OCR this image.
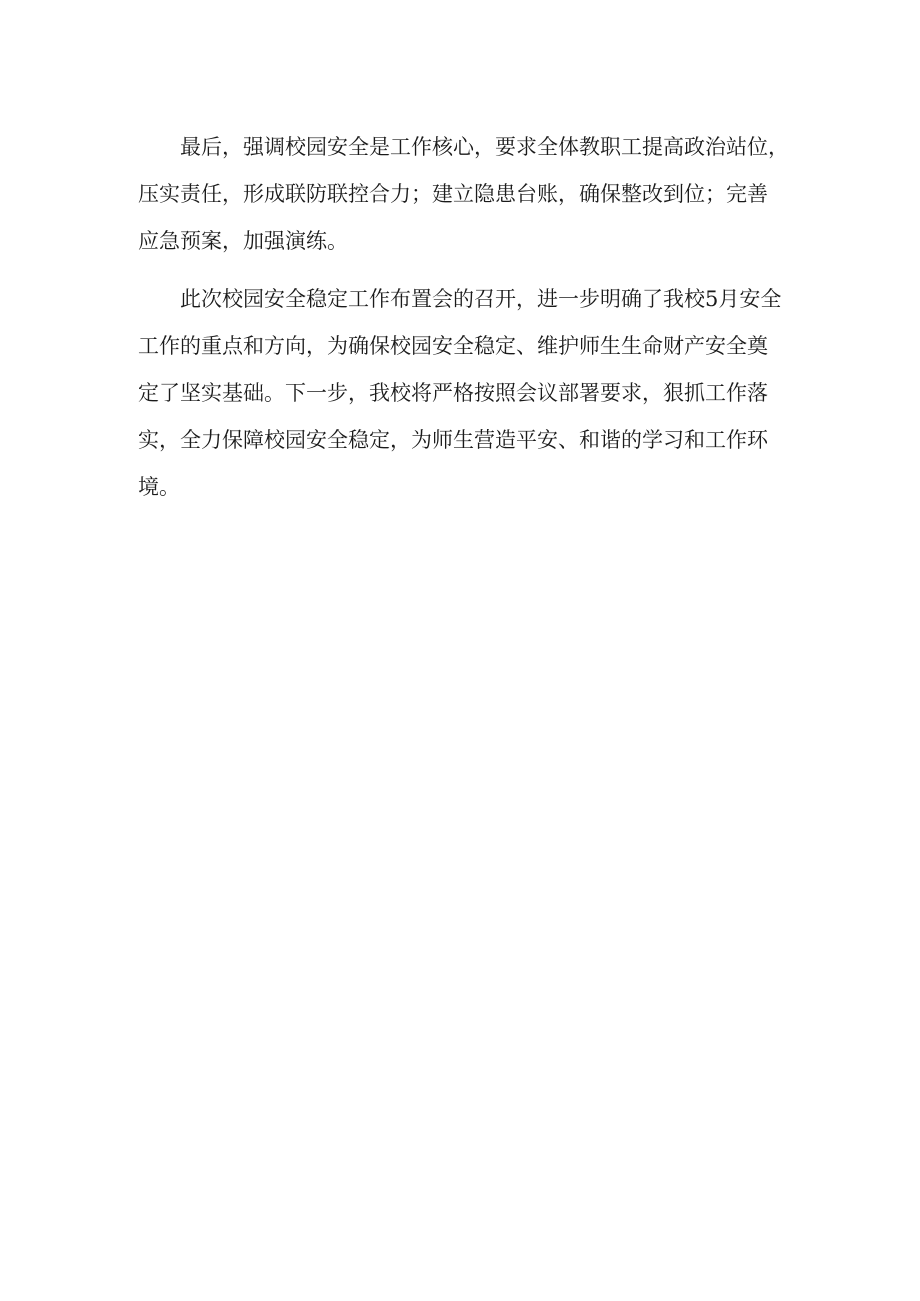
最后，强调校园安全是工作核心，要求全体教职工提高政治站位，
压实责任，形成联防联控合力；建立隐患台账，确保整改到位；完善
应急预案，加强演练。
此次校园安全稳定工作布置会的召开，进一步明确了我校5月安全
工作的重点和方向，为确保校园安全稳定、维护师生生命财产安全奠
定了坚实基础。下一步，我校将严格按照会议部署要求，狠抓工作落
实，全力保障校园安全稳定，为师生营造平安、和谐的学习和工作环
境。
